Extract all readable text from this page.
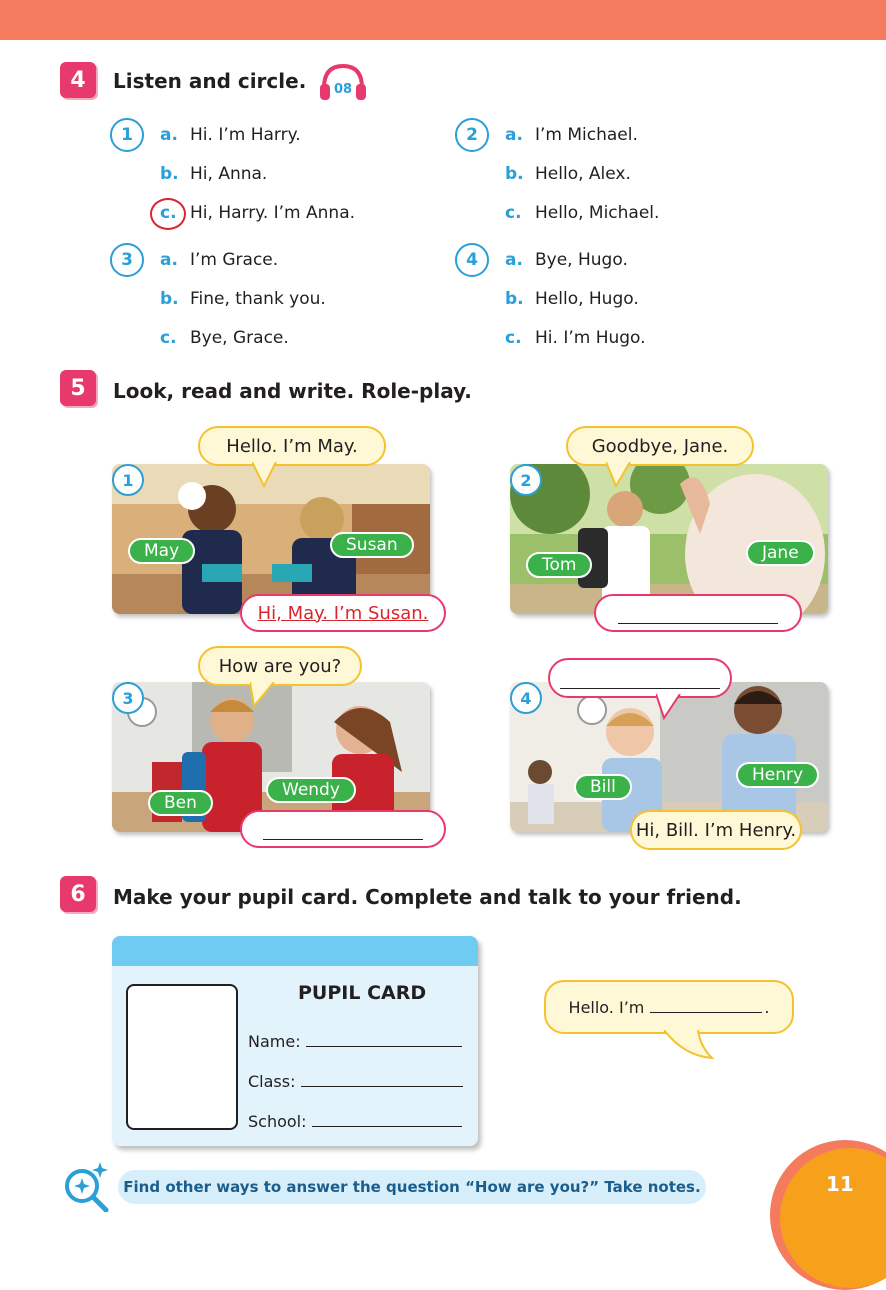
4	Listen and circle. 08
1	a. Hi. I’m Harry.
b. Hi, Anna.
c. Hi, Harry. I’m Anna.
2	a. I’m Michael.
b. Hello, Alex.
c. Hello, Michael.
3	a. I’m Grace.
b. Fine, thank you.
c. Bye, Grace.
4	a. Bye, Hugo.
b. Hello, Hugo.
c. Hi. I’m Hugo.
5	Look, read and write. Role-play.
1
May	Susan
Hello. I’m May.
Hi, May. I’m Susan.
2
Tom
Jane
Goodbye, Jane.
3
Ben
Wendy
How are you?
4
Bill
Henry
Hi, Bill. I’m Henry.
6	Make your pupil card. Complete and talk to your friend.
PUPIL CARD
Name:
Class:
School:
Hello. I’m	.
Find other ways to answer the question “How are you?” Take notes.	11
